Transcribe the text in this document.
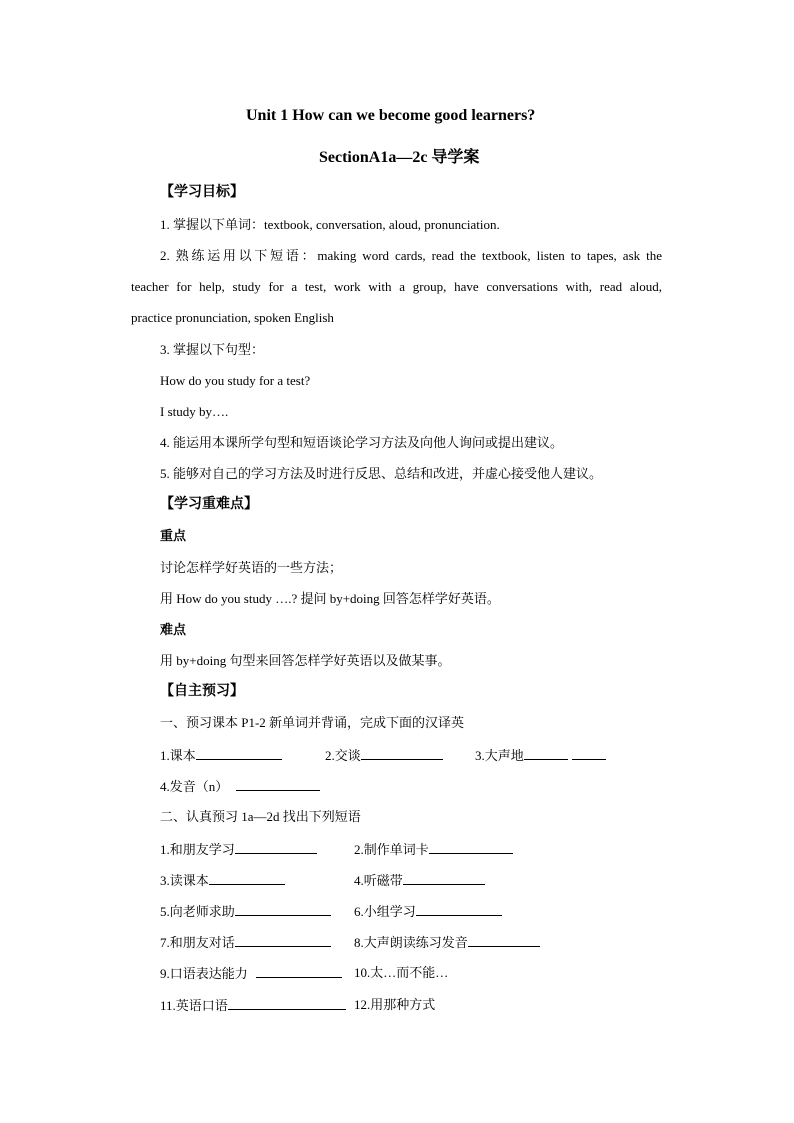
Unit 1 How can we become good learners?
SectionA1a—2c 导学案
【学习目标】
1. 掌握以下单词：textbook, conversation, aloud, pronunciation.
2. 熟练运用以下短语：making word cards, read the textbook, listen to tapes, ask the
teacher for help, study for a test, work with a group, have conversations with, read aloud,
practice pronunciation, spoken English
3. 掌握以下句型：
How do you study for a test?
I study by….
4. 能运用本课所学句型和短语谈论学习方法及向他人询问或提出建议。
5. 能够对自己的学习方法及时进行反思、总结和改进，并虚心接受他人建议。
【学习重难点】
重点
讨论怎样学好英语的一些方法；
用 How do you study ….? 提问 by+doing 回答怎样学好英语。
难点
用 by+doing 句型来回答怎样学好英语以及做某事。
【自主预习】
一、预习课本 P1-2 新单词并背诵，完成下面的汉译英
1.课本	2.交谈	3.大声地
4.发音（n）
二、认真预习 1a—2d 找出下列短语
1.和朋友学习	2.制作单词卡
3.读课本	4.听磁带
5.向老师求助	6.小组学习
7.和朋友对话	8.大声朗读练习发音
9.口语表达能力	10.太…而不能…
11.英语口语	12.用那种方式
